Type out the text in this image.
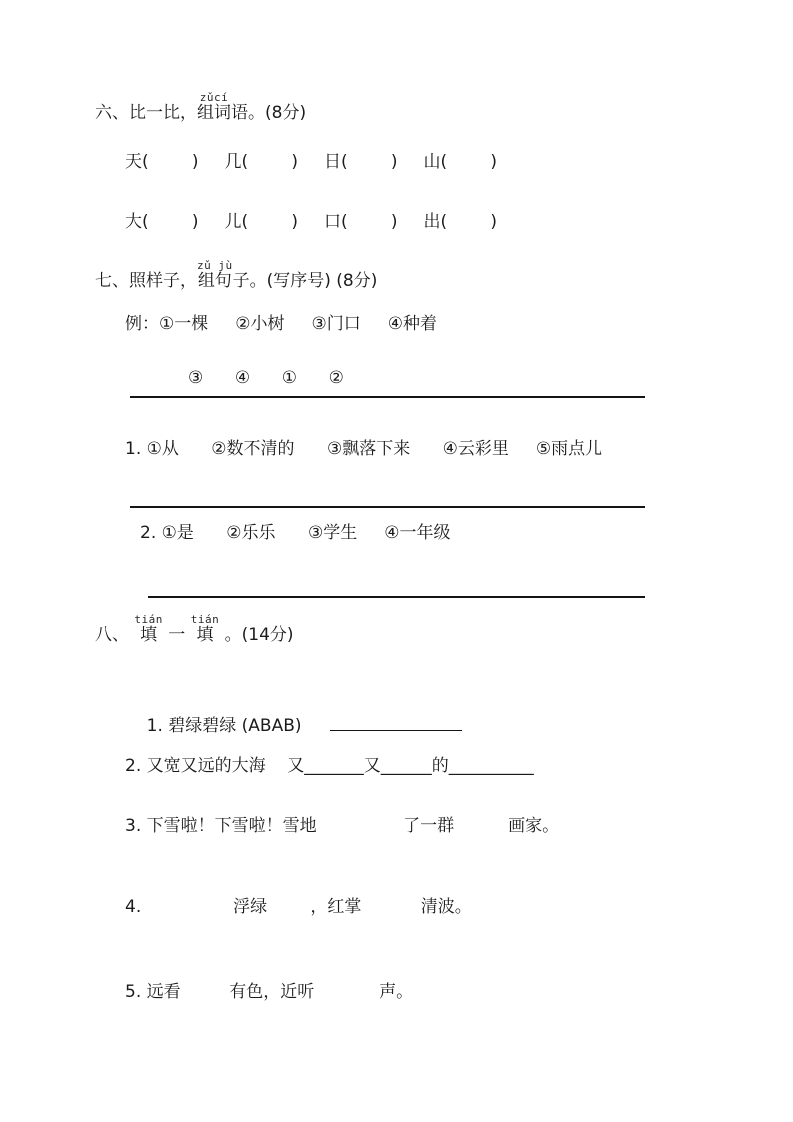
六、比一比，
zǔcí
组词 语。(8分)
天(        ) 几(        ) 日(        ) 山(        )
大(        ) 儿(        ) 口(        ) 出(        )
七、照样子，
zǔ jù
组句 子。(写序号) (8分)
例：①一棵     ②小树     ③门口     ④种着
③    ④    ①    ②
1. ①从      ②数不清的      ③飘落下来      ④云彩里     ⑤雨点儿
2. ①是      ②乐乐      ③学生     ④一年级
八、
tián
填 一
tián
填 。(14分)

1. 碧绿碧绿 (ABAB)

2. 又宽又远的大海    又_______又______的__________
3. 下雪啦！下雪啦！雪地                了一群          画家。
4.                 浮绿        ，红掌           清波。
5. 远看         有色，近听            声。
